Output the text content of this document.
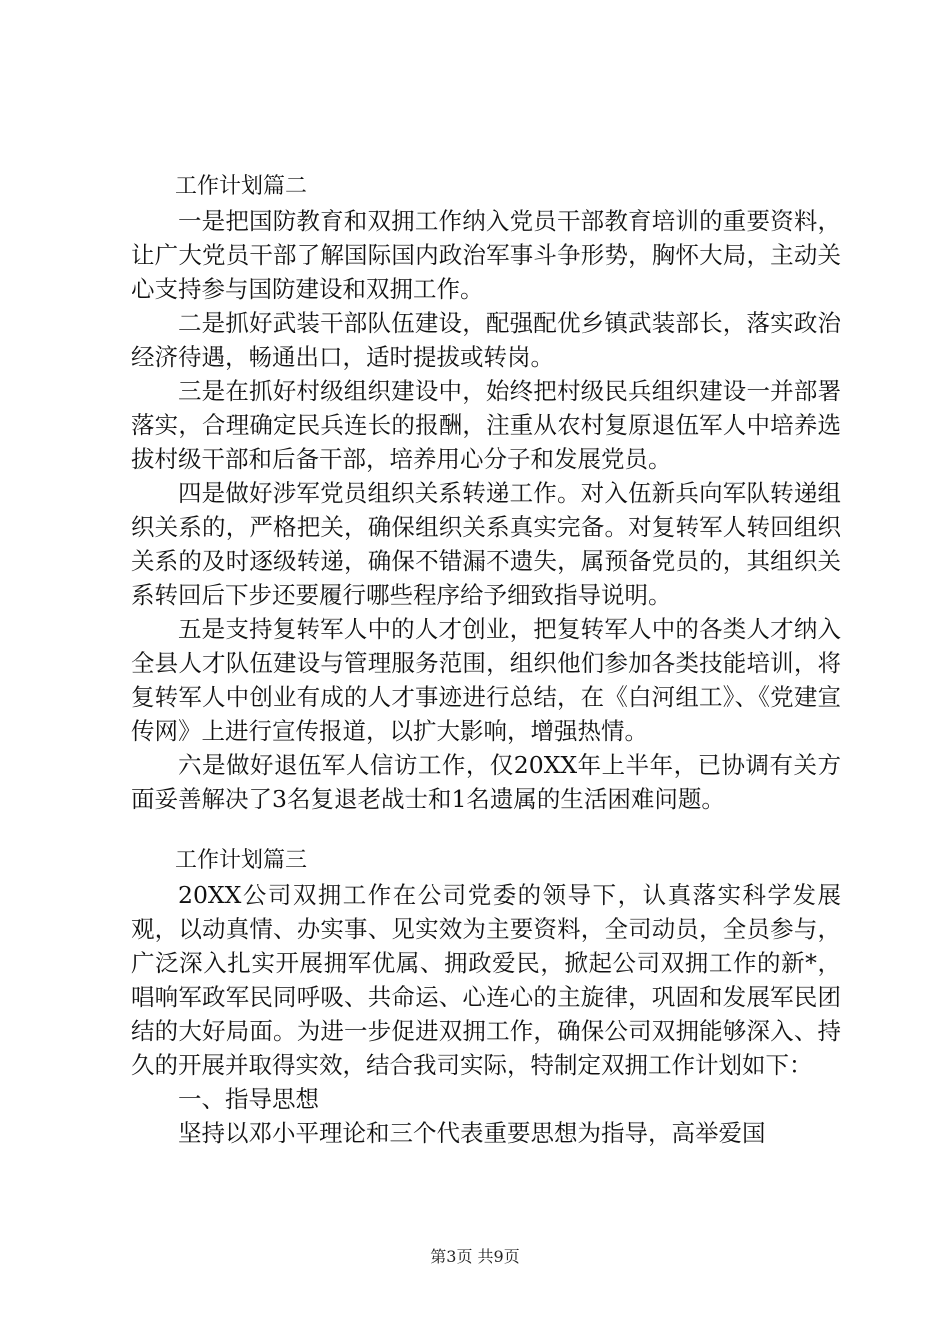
工作计划篇二

一是把国防教育和双拥工作纳入党员干部教育培训的重要资料，让广大党员干部了解国际国内政治军事斗争形势，胸怀大局，主动关心支持参与国防建设和双拥工作。

二是抓好武装干部队伍建设，配强配优乡镇武装部长，落实政治经济待遇，畅通出口，适时提拔或转岗。

三是在抓好村级组织建设中，始终把村级民兵组织建设一并部署落实，合理确定民兵连长的报酬，注重从农村复原退伍军人中培养选拔村级干部和后备干部，培养用心分子和发展党员。

四是做好涉军党员组织关系转递工作。对入伍新兵向军队转递组织关系的，严格把关，确保组织关系真实完备。对复转军人转回组织关系的及时逐级转递，确保不错漏不遗失，属预备党员的，其组织关系转回后下步还要履行哪些程序给予细致指导说明。

五是支持复转军人中的人才创业，把复转军人中的各类人才纳入全县人才队伍建设与管理服务范围，组织他们参加各类技能培训，将复转军人中创业有成的人才事迹进行总结，在《白河组工》、《党建宣传网》上进行宣传报道，以扩大影响，增强热情。

六是做好退伍军人信访工作，仅20XX年上半年，已协调有关方面妥善解决了3名复退老战士和1名遗属的生活困难问题。

工作计划篇三

20XX公司双拥工作在公司党委的领导下，认真落实科学发展观，以动真情、办实事、见实效为主要资料，全司动员，全员参与，广泛深入扎实开展拥军优属、拥政爱民，掀起公司双拥工作的新*，唱响军政军民同呼吸、共命运、心连心的主旋律，巩固和发展军民团结的大好局面。为进一步促进双拥工作，确保公司双拥能够深入、持久的开展并取得实效，结合我司实际，特制定双拥工作计划如下：

一、指导思想

坚持以邓小平理论和三个代表重要思想为指导，高举爱国

第3页 共9页
